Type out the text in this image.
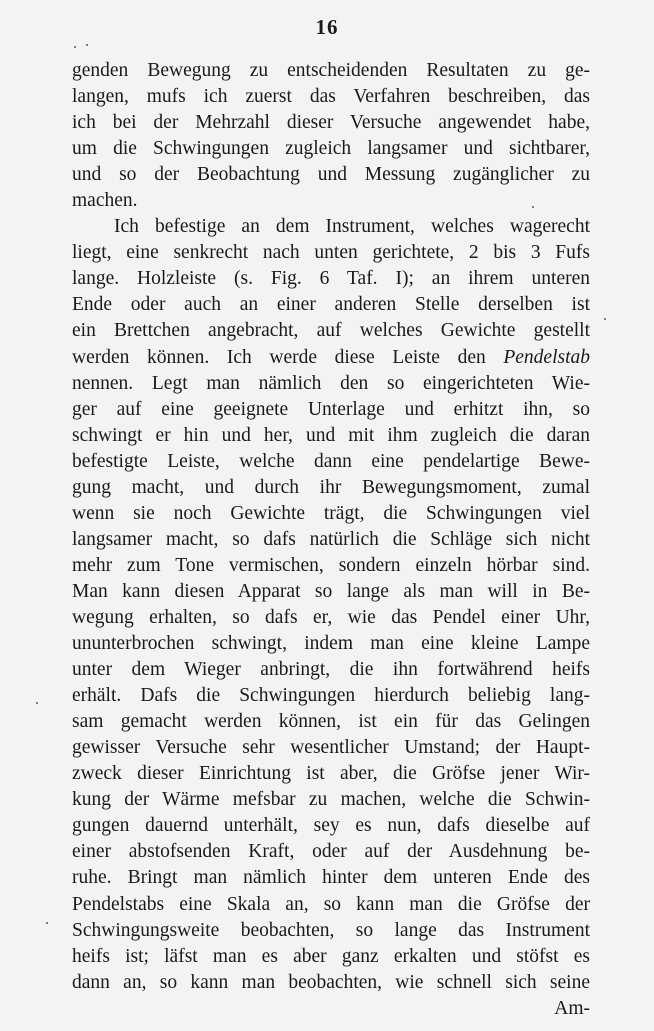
16
genden Bewegung zu entscheidenden Resultaten zu ge-
langen, mufs ich zuerst das Verfahren beschreiben, das
ich bei der Mehrzahl dieser Versuche angewendet habe,
um die Schwingungen zugleich langsamer und sichtbarer,
und so der Beobachtung und Messung zugänglicher zu
machen.
Ich befestige an dem Instrument, welches wagerecht
liegt, eine senkrecht nach unten gerichtete, 2 bis 3 Fufs
lange. Holzleiste (s. Fig. 6 Taf. I); an ihrem unteren
Ende oder auch an einer anderen Stelle derselben ist
ein Brettchen angebracht, auf welches Gewichte gestellt
werden können. Ich werde diese Leiste den Pendelstab
nennen. Legt man nämlich den so eingerichteten Wie-
ger auf eine geeignete Unterlage und erhitzt ihn, so
schwingt er hin und her, und mit ihm zugleich die daran
befestigte Leiste, welche dann eine pendelartige Bewe-
gung macht, und durch ihr Bewegungsmoment, zumal
wenn sie noch Gewichte trägt, die Schwingungen viel
langsamer macht, so dafs natürlich die Schläge sich nicht
mehr zum Tone vermischen, sondern einzeln hörbar sind.
Man kann diesen Apparat so lange als man will in Be-
wegung erhalten, so dafs er, wie das Pendel einer Uhr,
ununterbrochen schwingt, indem man eine kleine Lampe
unter dem Wieger anbringt, die ihn fortwährend heifs
erhält. Dafs die Schwingungen hierdurch beliebig lang-
sam gemacht werden können, ist ein für das Gelingen
gewisser Versuche sehr wesentlicher Umstand; der Haupt-
zweck dieser Einrichtung ist aber, die Gröfse jener Wir-
kung der Wärme mefsbar zu machen, welche die Schwin-
gungen dauernd unterhält, sey es nun, dafs dieselbe auf
einer abstofsenden Kraft, oder auf der Ausdehnung be-
ruhe. Bringt man nämlich hinter dem unteren Ende des
Pendelstabs eine Skala an, so kann man die Gröfse der
Schwingungsweite beobachten, so lange das Instrument
heifs ist; läfst man es aber ganz erkalten und stöfst es
dann an, so kann man beobachten, wie schnell sich seine
Am-
